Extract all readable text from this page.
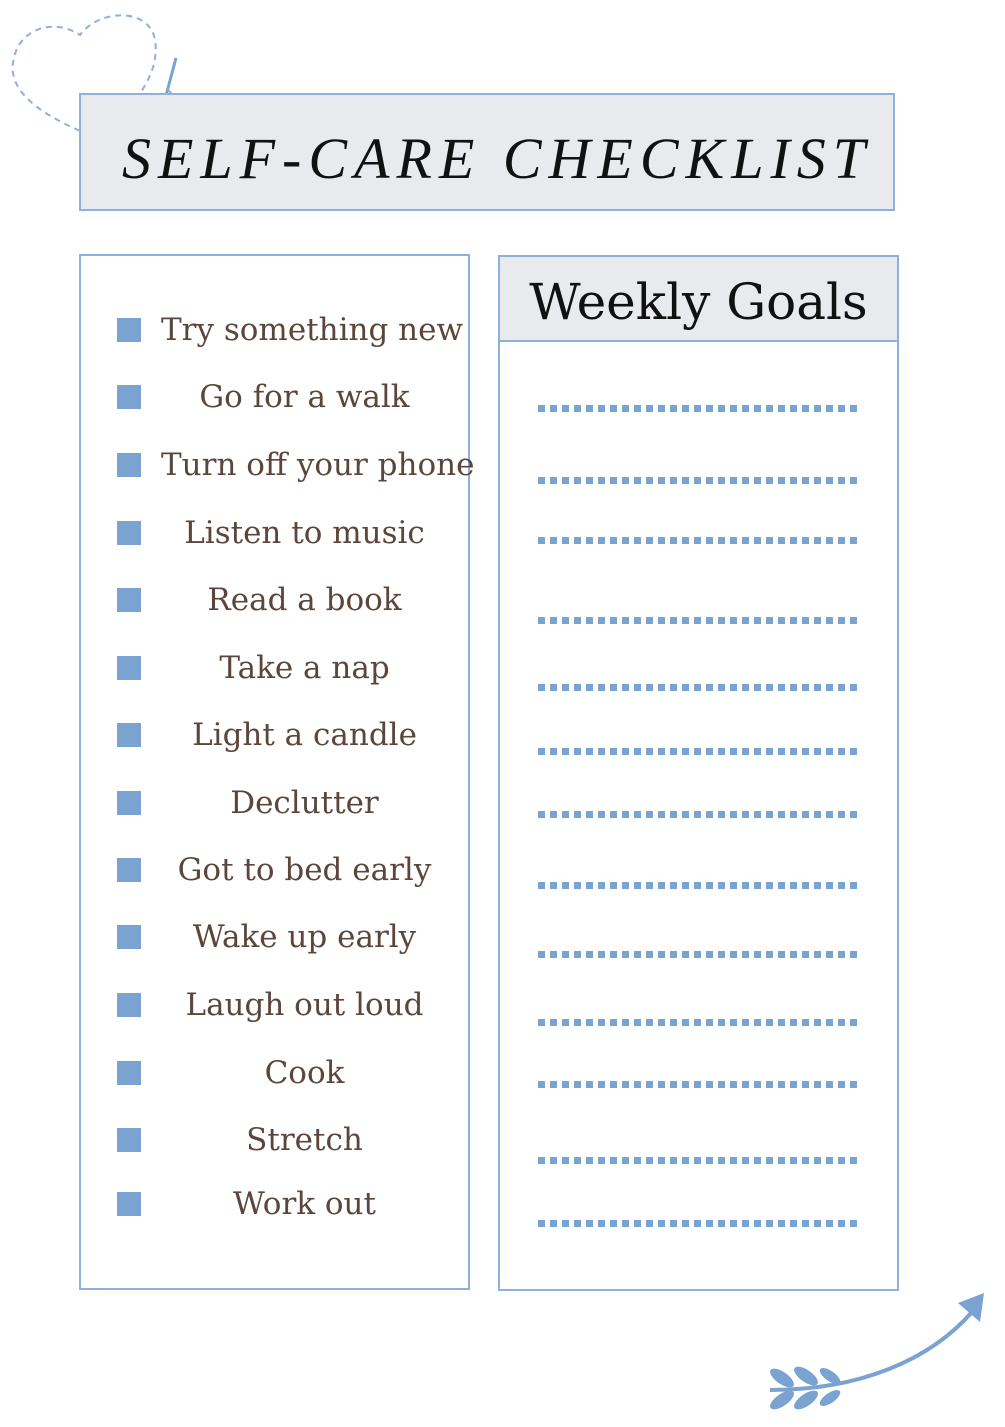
SELF-CARE CHECKLIST
Try something new
Go for a walk
Turn off your phone
Listen to music
Read a book
Take a nap
Light a candle
Declutter
Got to bed early
Wake up early
Laugh out loud
Cook
Stretch
Work out
Weekly Goals
